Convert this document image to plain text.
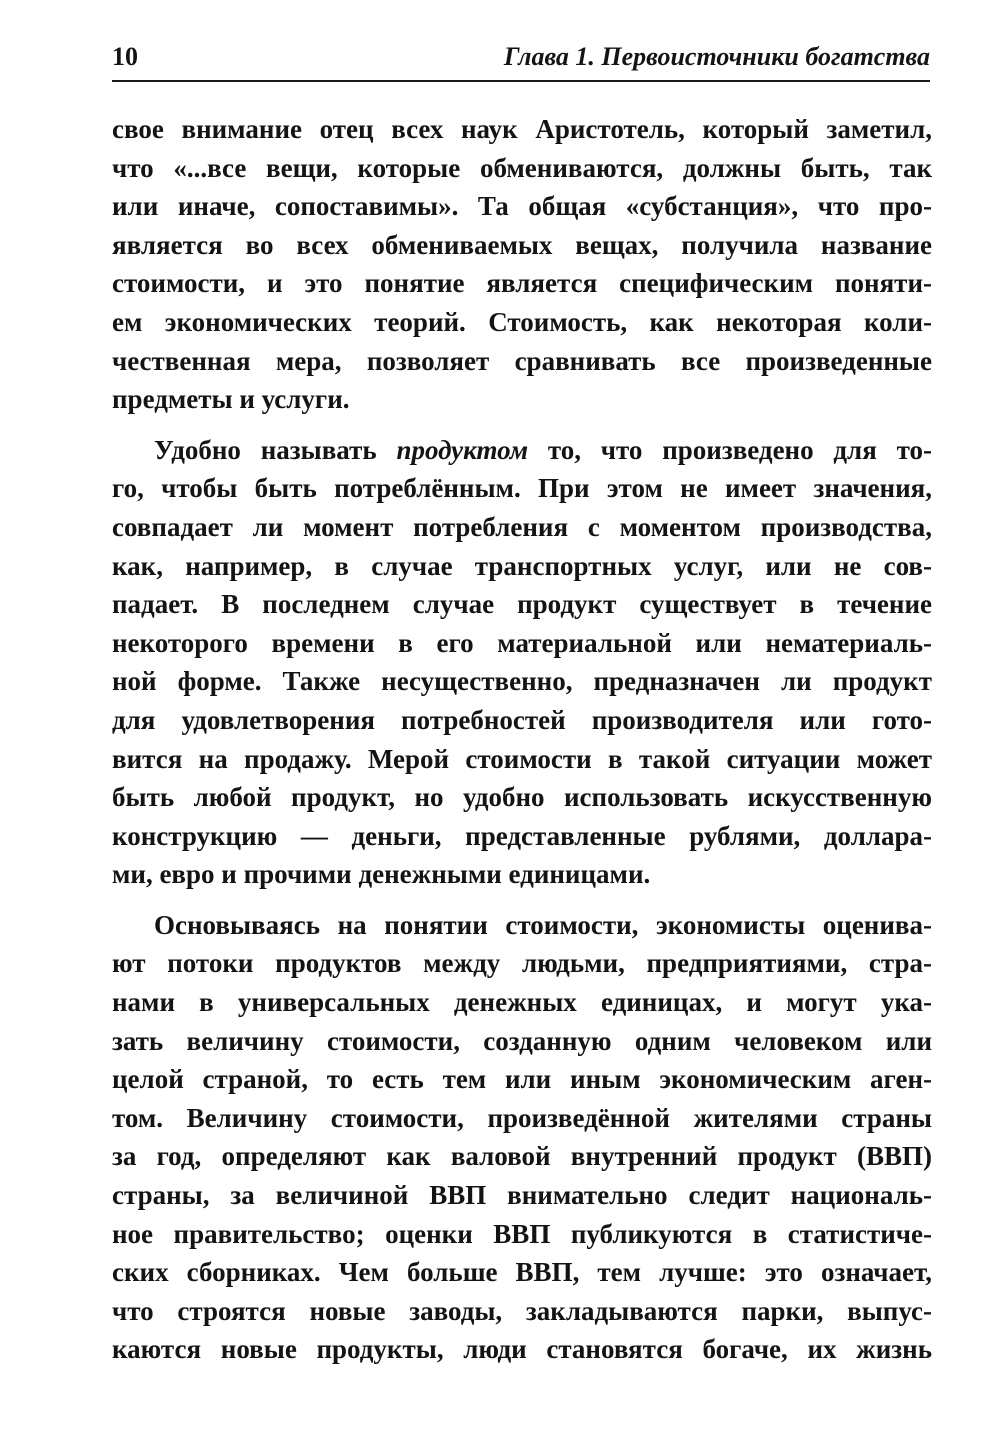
10	Глава 1. Первоисточники богатства
свое внимание отец всех наук Аристотель, который заметил,
что «...все вещи, которые обмениваются, должны быть, так
или иначе, сопоставимы». Та общая «субстанция», что про-
является во всех обмениваемых вещах, получила название
стоимости, и это понятие является специфическим поняти-
ем экономических теорий. Стоимость, как некоторая коли-
чественная мера, позволяет сравнивать все произведенные
предметы и услуги.
Удобно называть продуктом то, что произведено для то-
го, чтобы быть потреблённым. При этом не имеет значения,
совпадает ли момент потребления с моментом производства,
как, например, в случае транспортных услуг, или не сов-
падает. В последнем случае продукт существует в течение
некоторого времени в его материальной или нематериаль-
ной форме. Также несущественно, предназначен ли продукт
для удовлетворения потребностей производителя или гото-
вится на продажу. Мерой стоимости в такой ситуации может
быть любой продукт, но удобно использовать искусственную
конструкцию — деньги, представленные рублями, доллара-
ми, евро и прочими денежными единицами.
Основываясь на понятии стоимости, экономисты оценива-
ют потоки продуктов между людьми, предприятиями, стра-
нами в универсальных денежных единицах, и могут ука-
зать величину стоимости, созданную одним человеком или
целой страной, то есть тем или иным экономическим аген-
том. Величину стоимости, произведённой жителями страны
за год, определяют как валовой внутренний продукт (ВВП)
страны, за величиной ВВП внимательно следит националь-
ное правительство; оценки ВВП публикуются в статистиче-
ских сборниках. Чем больше ВВП, тем лучше: это означает,
что строятся новые заводы, закладываются парки, выпус-
каются новые продукты, люди становятся богаче, их жизнь
